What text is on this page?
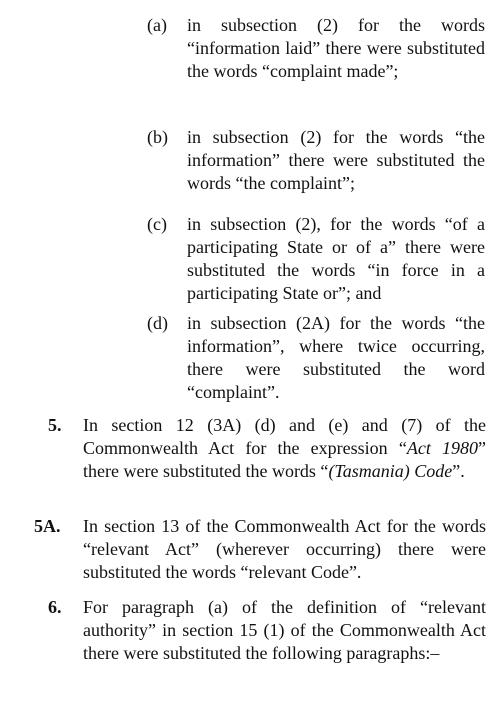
(a) in subsection (2) for the words “information laid” there were substituted the words “complaint made”;
(b) in subsection (2) for the words “the information” there were substituted the words “the complaint”;
(c) in subsection (2), for the words “of a participating State or of a” there were substituted the words “in force in a participating State or”; and
(d) in subsection (2A) for the words “the information”, where twice occurring, there were substituted the word “complaint”.
5. In section 12 (3A) (d) and (e) and (7) of the Commonwealth Act for the expression “Act 1980” there were substituted the words “(Tasmania) Code”.
5A. In section 13 of the Commonwealth Act for the words “relevant Act” (wherever occurring) there were substituted the words “relevant Code”.
6. For paragraph (a) of the definition of “relevant authority” in section 15 (1) of the Commonwealth Act there were substituted the following paragraphs:–
